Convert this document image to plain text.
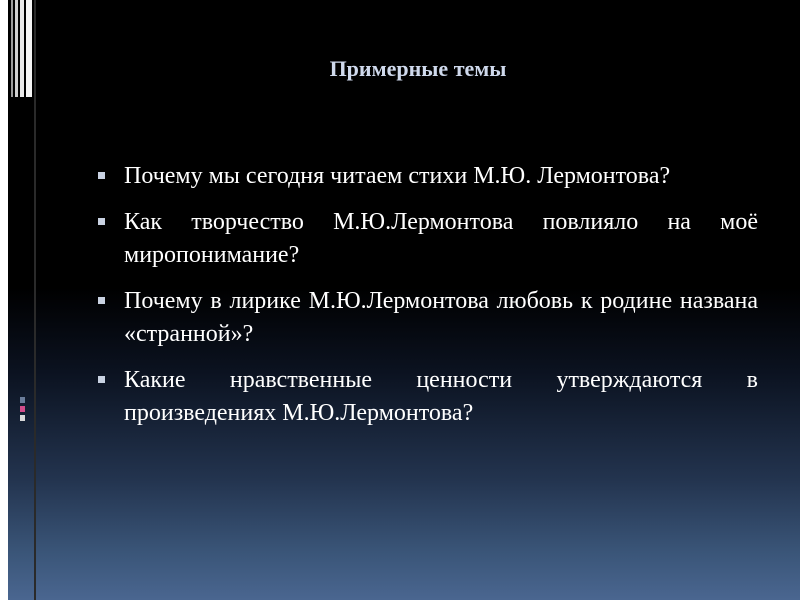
Примерные темы
Почему мы сегодня читаем стихи М.Ю. Лермонтова?
Как творчество М.Ю.Лермонтова повлияло на моё миропонимание?
Почему в лирике М.Ю.Лермонтова любовь к родине названа «странной»?
Какие нравственные ценности утверждаются в произведениях М.Ю.Лермонтова?
